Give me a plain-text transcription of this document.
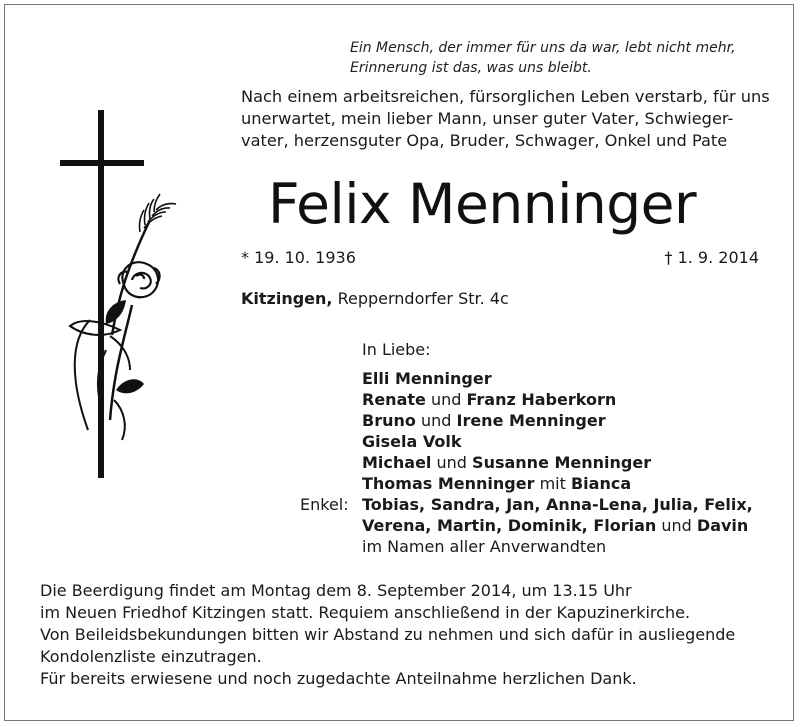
Ein Mensch, der immer für uns da war, lebt nicht mehr,
Erinnerung ist das, was uns bleibt.
Nach einem arbeitsreichen, fürsorglichen Leben verstarb, für uns
unerwartet, mein lieber Mann, unser guter Vater, Schwieger-
vater, herzensguter Opa, Bruder, Schwager, Onkel und Pate
Felix Menninger
* 19. 10. 1936	† 1. 9. 2014
Kitzingen, Repperndorfer Str. 4c
In Liebe:
Elli Menninger
Renate und Franz Haberkorn
Bruno und Irene Menninger
Gisela Volk
Michael und Susanne Menninger
Thomas Menninger mit Bianca
Enkel: Tobias, Sandra, Jan, Anna-Lena, Julia, Felix,
Verena, Martin, Dominik, Florian und Davin
im Namen aller Anverwandten
Die Beerdigung findet am Montag dem 8. September 2014, um 13.15 Uhr
im Neuen Friedhof Kitzingen statt. Requiem anschließend in der Kapuzinerkirche.
Von Beileidsbekundungen bitten wir Abstand zu nehmen und sich dafür in ausliegende
Kondolenzliste einzutragen.
Für bereits erwiesene und noch zugedachte Anteilnahme herzlichen Dank.
